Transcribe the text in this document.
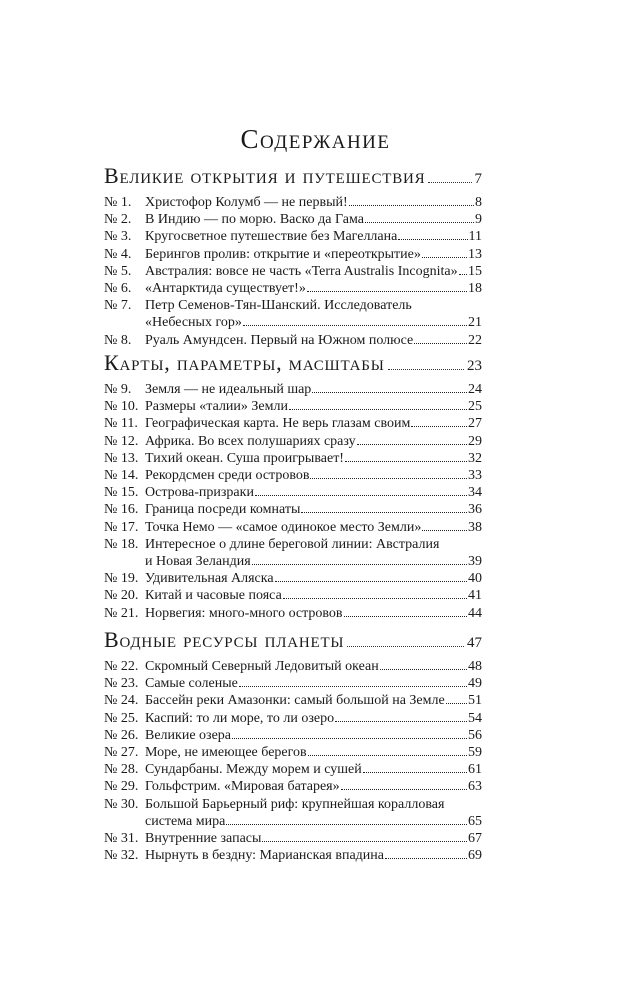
Содержание
Великие открытия и путешествия	7
№ 1. Христофор Колумб — не первый!	8
№ 2. В Индию — по морю. Васко да Гама	9
№ 3. Кругосветное путешествие без Магеллана	11
№ 4. Берингов пролив: открытие и «переоткрытие»	13
№ 5. Австралия: вовсе не часть «Terra Australis Incognita» 15
№ 6. «Антарктида существует!»	18
№ 7. Петр Семенов-Тян-Шанский. Исследователь
«Небесных гор»	21
№ 8. Руаль Амундсен. Первый на Южном полюсе	22
Карты, параметры, масштабы	23
№ 9. Земля — не идеальный шар	24
№ 10. Размеры «талии» Земли	25
№ 11. Географическая карта. Не верь глазам своим	27
№ 12. Африка. Во всех полушариях сразу	29
№ 13. Тихий океан. Суша проигрывает!	32
№ 14. Рекордсмен среди островов	33
№ 15. Острова-призраки	34
№ 16. Граница посреди комнаты	36
№ 17. Точка Немо — «самое одинокое место Земли»	38
№ 18. Интересное о длине береговой линии: Австралия
и Новая Зеландия	39
№ 19. Удивительная Аляска	40
№ 20. Китай и часовые пояса	41
№ 21. Норвегия: много-много островов	44
Водные ресурсы планеты	47
№ 22. Скромный Северный Ледовитый океан	48
№ 23. Самые соленые	49
№ 24. Бассейн реки Амазонки: самый большой на Земле 51
№ 25. Каспий: то ли море, то ли озеро	54
№ 26. Великие озера	56
№ 27. Море, не имеющее берегов	59
№ 28. Сундарбаны. Между морем и сушей	61
№ 29. Гольфстрим. «Мировая батарея»	63
№ 30. Большой Барьерный риф: крупнейшая коралловая
система мира	65
№ 31. Внутренние запасы	67
№ 32. Нырнуть в бездну: Марианская впадина	69
